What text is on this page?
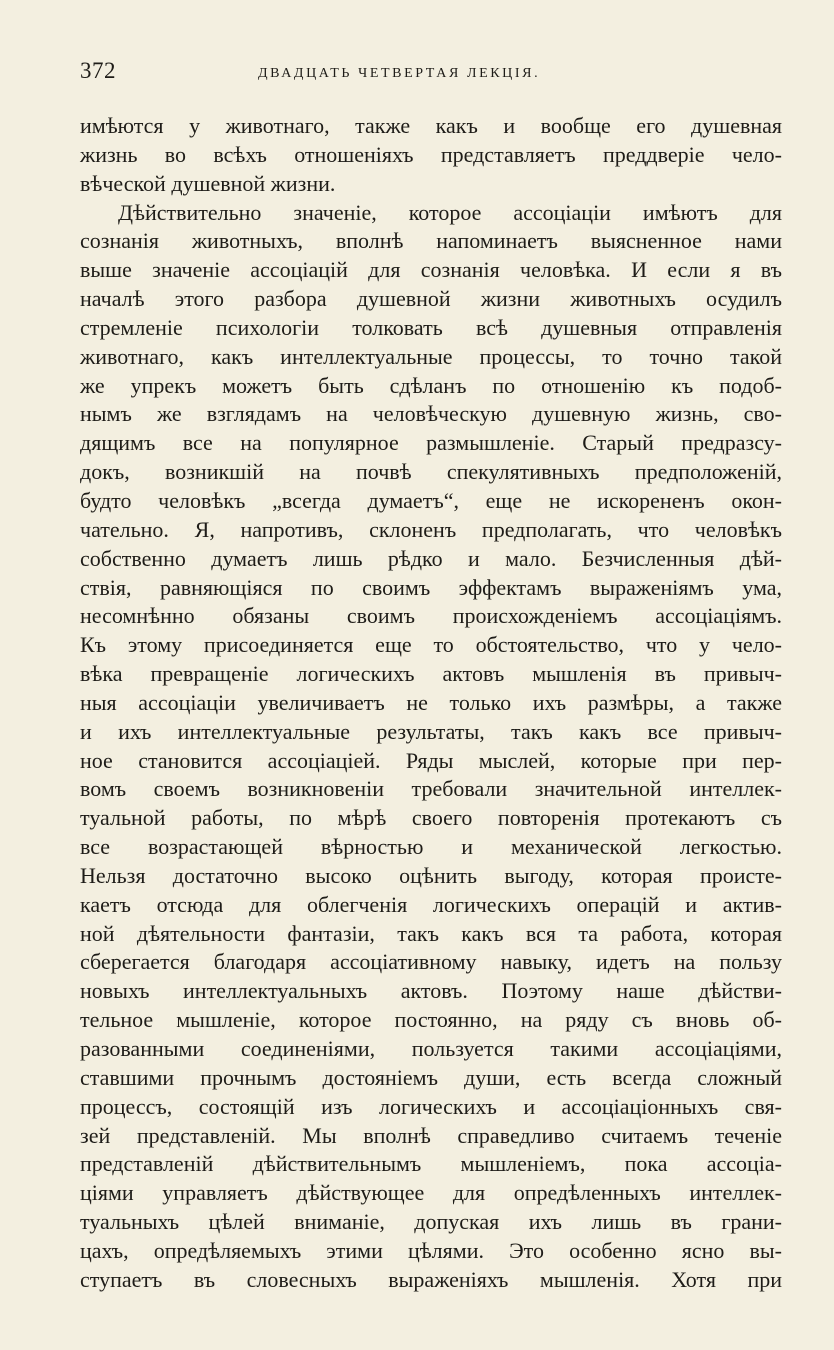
372	ДВАДЦАТЬ ЧЕТВЕРТАЯ ЛЕКЦІЯ.
имѣются у животнаго, также какъ и вообще его душевная
жизнь во всѣхъ отношеніяхъ представляетъ преддверіе чело-
вѣческой душевной жизни.
Дѣйствительно значеніе, которое ассоціаціи имѣютъ для
сознанія животныхъ, вполнѣ напоминаетъ выясненное нами
выше значеніе ассоціацій для сознанія человѣка. И если я въ
началѣ этого разбора душевной жизни животныхъ осудилъ
стремленіе психологіи толковать всѣ душевныя отправленія
животнаго, какъ интеллектуальные процессы, то точно такой
же упрекъ можетъ быть сдѣланъ по отношенію къ подоб-
нымъ же взглядамъ на человѣческую душевную жизнь, сво-
дящимъ все на популярное размышленіе. Старый предразсу-
докъ, возникшій на почвѣ спекулятивныхъ предположеній,
будто человѣкъ „всегда думаетъ“, еще не искорененъ окон-
чательно. Я, напротивъ, склоненъ предполагать, что человѣкъ
собственно думаетъ лишь рѣдко и мало. Безчисленныя дѣй-
ствія, равняющіяся по своимъ эффектамъ выраженіямъ ума,
несомнѣнно обязаны своимъ происхожденіемъ ассоціаціямъ.
Къ этому присоединяется еще то обстоятельство, что у чело-
вѣка превращеніе логическихъ актовъ мышленія въ привыч-
ныя ассоціаціи увеличиваетъ не только ихъ размѣры, а также
и ихъ интеллектуальные результаты, такъ какъ все привыч-
ное становится ассоціаціей. Ряды мыслей, которые при пер-
вомъ своемъ возникновеніи требовали значительной интеллек-
туальной работы, по мѣрѣ своего повторенія протекаютъ съ
все возрастающей вѣрностью и механической легкостью.
Нельзя достаточно высоко оцѣнить выгоду, которая происте-
каетъ отсюда для облегченія логическихъ операцій и актив-
ной дѣятельности фантазіи, такъ какъ вся та работа, которая
сберегается благодаря ассоціативному навыку, идетъ на пользу
новыхъ интеллектуальныхъ актовъ. Поэтому наше дѣйстви-
тельное мышленіе, которое постоянно, на ряду съ вновь об-
разованными соединеніями, пользуется такими ассоціаціями,
ставшими прочнымъ достояніемъ души, есть всегда сложный
процессъ, состоящій изъ логическихъ и ассоціаціонныхъ свя-
зей представленій. Мы вполнѣ справедливо считаемъ теченіе
представленій дѣйствительнымъ мышленіемъ, пока ассоціа-
ціями управляетъ дѣйствующее для опредѣленныхъ интеллек-
туальныхъ цѣлей вниманіе, допуская ихъ лишь въ грани-
цахъ, опредѣляемыхъ этими цѣлями. Это особенно ясно вы-
ступаетъ въ словесныхъ выраженіяхъ мышленія. Хотя при
